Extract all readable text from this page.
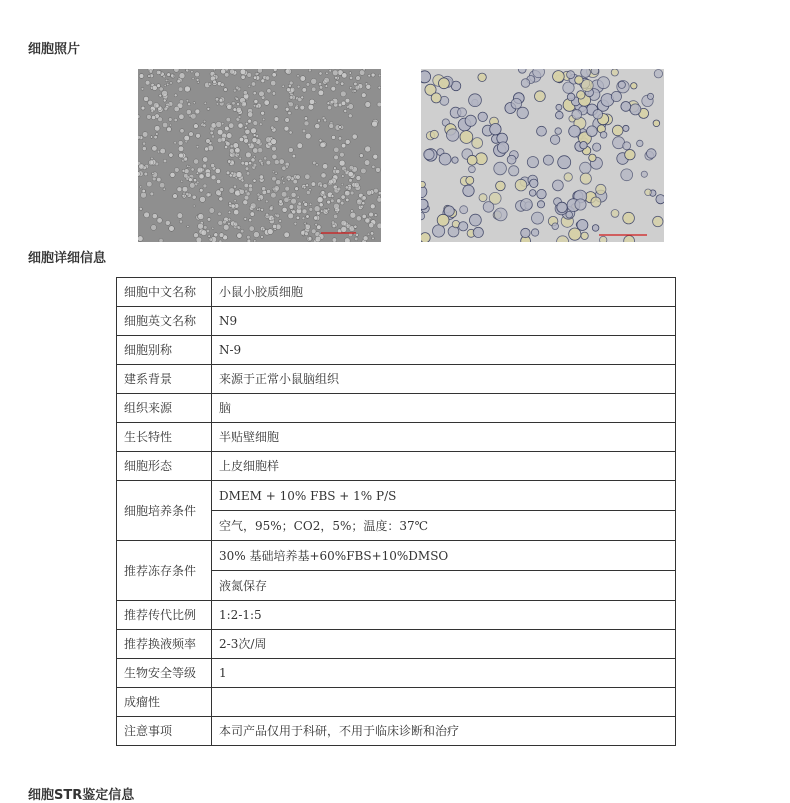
细胞照片
细胞详细信息
细胞中文名称	小鼠小胶质细胞
细胞英文名称	N9
细胞别称	N-9
建系背景	来源于正常小鼠脑组织
组织来源	脑
生长特性	半贴壁细胞
细胞形态	上皮细胞样
细胞培养条件	DMEM + 10% FBS + 1% P/S
	空气，95%；CO2，5%；温度：37℃
推荐冻存条件	30% 基础培养基+60%FBS+10%DMSO
	液氮保存
推荐传代比例	1:2-1:5
推荐换液频率	2-3次/周
生物安全等级	1
成瘤性	
注意事项	本司产品仅用于科研，不用于临床诊断和治疗
细胞STR鉴定信息
